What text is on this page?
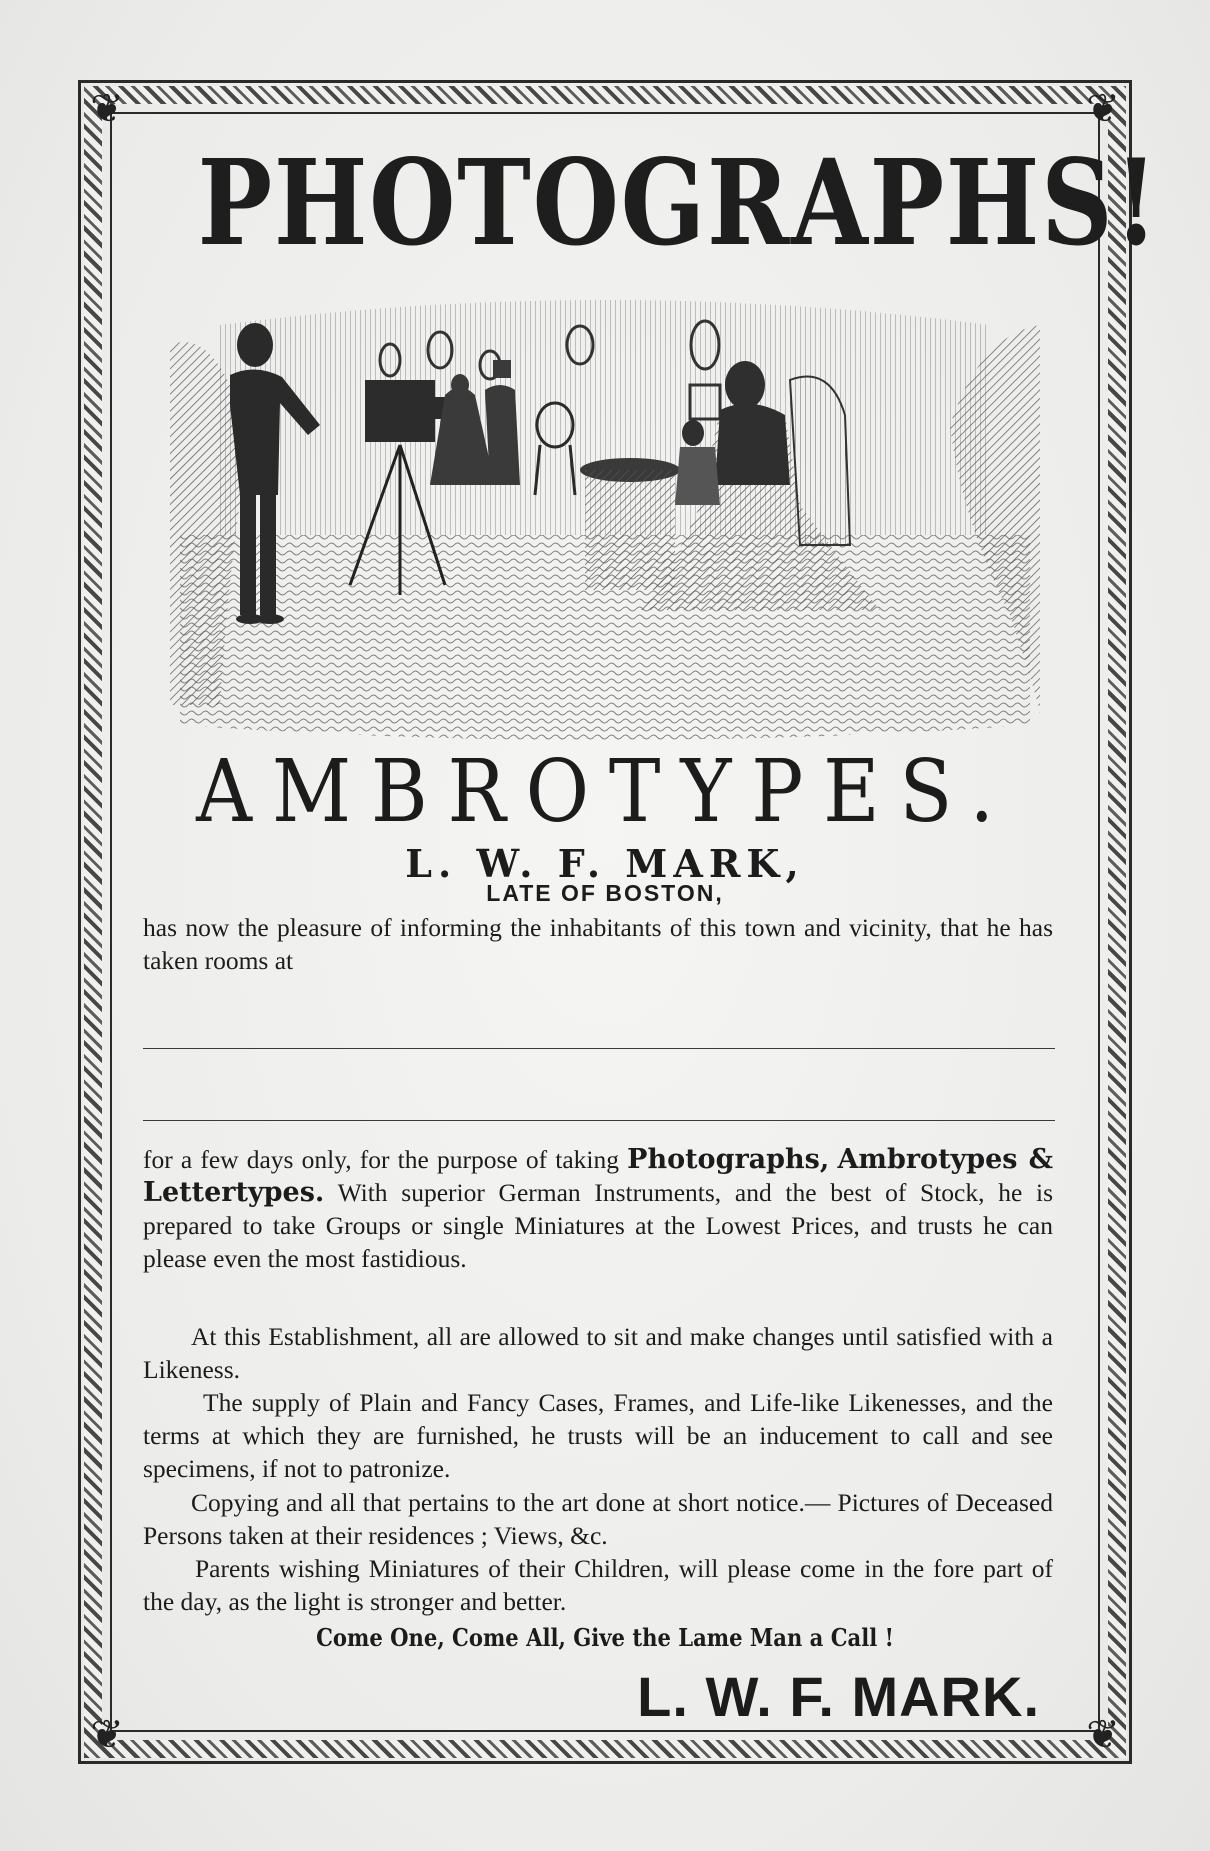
❦	❦
❦	❦
PHOTOGRAPHS!
AMBROTYPES.
L. W. F. MARK,
LATE OF BOSTON,
has now the pleasure of informing the inhabitants of this town and vicinity, that he has taken rooms at
for a few days only, for the purpose of taking Photographs, Ambrotypes & Lettertypes. With superior German Instruments, and the best of Stock, he is prepared to take Groups or single Miniatures at the Lowest Prices, and trusts he can please even the most fastidious.
At this Establishment, all are allowed to sit and make changes until satisfied with a Likeness.
The supply of Plain and Fancy Cases, Frames, and Life-like Likenesses, and the terms at which they are furnished, he trusts will be an inducement to call and see specimens, if not to patronize.
Copying and all that pertains to the art done at short notice.— Pictures of Deceased Persons taken at their residences ; Views, &c.
Parents wishing Miniatures of their Children, will please come in the fore part of the day, as the light is stronger and better.
Come One, Come All, Give the Lame Man a Call !
L. W. F. MARK.
